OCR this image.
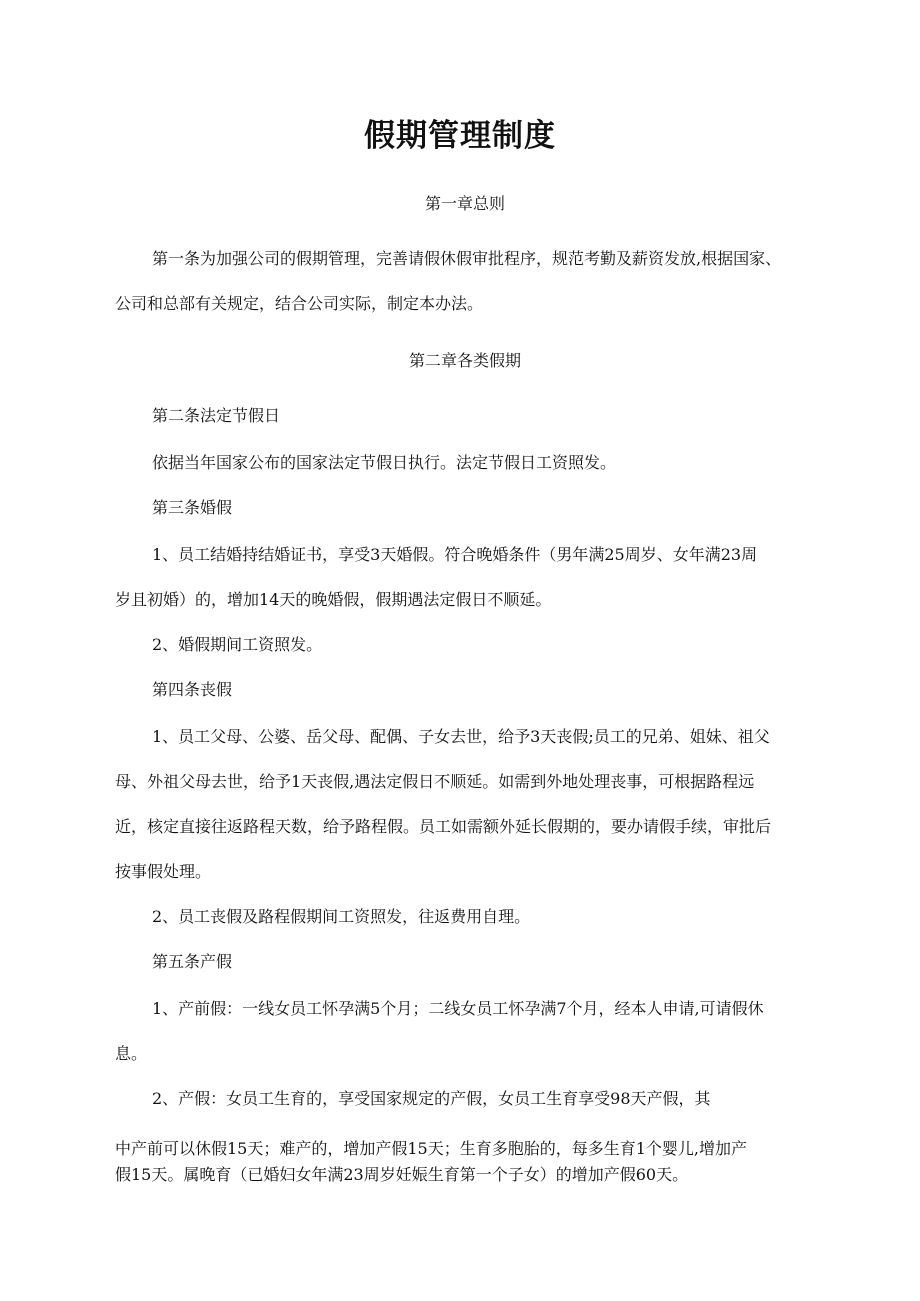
假期管理制度
第一章总则
第一条为加强公司的假期管理，完善请假休假审批程序，规范考勤及薪资发放,根据国家、
公司和总部有关规定，结合公司实际，制定本办法。
第二章各类假期
第二条法定节假日
依据当年国家公布的国家法定节假日执行。法定节假日工资照发。
第三条婚假
1、员工结婚持结婚证书，享受3天婚假。符合晚婚条件（男年满25周岁、女年满23周
岁且初婚）的，增加14天的晚婚假，假期遇法定假日不顺延。
2、婚假期间工资照发。
第四条丧假
1、员工父母、公婆、岳父母、配偶、子女去世，给予3天丧假;员工的兄弟、姐妹、祖父
母、外祖父母去世，给予1天丧假,遇法定假日不顺延。如需到外地处理丧事，可根据路程远
近，核定直接往返路程天数，给予路程假。员工如需额外延长假期的，要办请假手续，审批后
按事假处理。
2、员工丧假及路程假期间工资照发，往返费用自理。
第五条产假
1、产前假：一线女员工怀孕满5个月；二线女员工怀孕满7个月，经本人申请,可请假休
息。
2、产假：女员工生育的，享受国家规定的产假，女员工生育享受98天产假，其
中产前可以休假15天；难产的，增加产假15天；生育多胞胎的，每多生育1个婴儿,增加产
假15天。属晚育（已婚妇女年满23周岁妊娠生育第一个子女）的增加产假60天。
